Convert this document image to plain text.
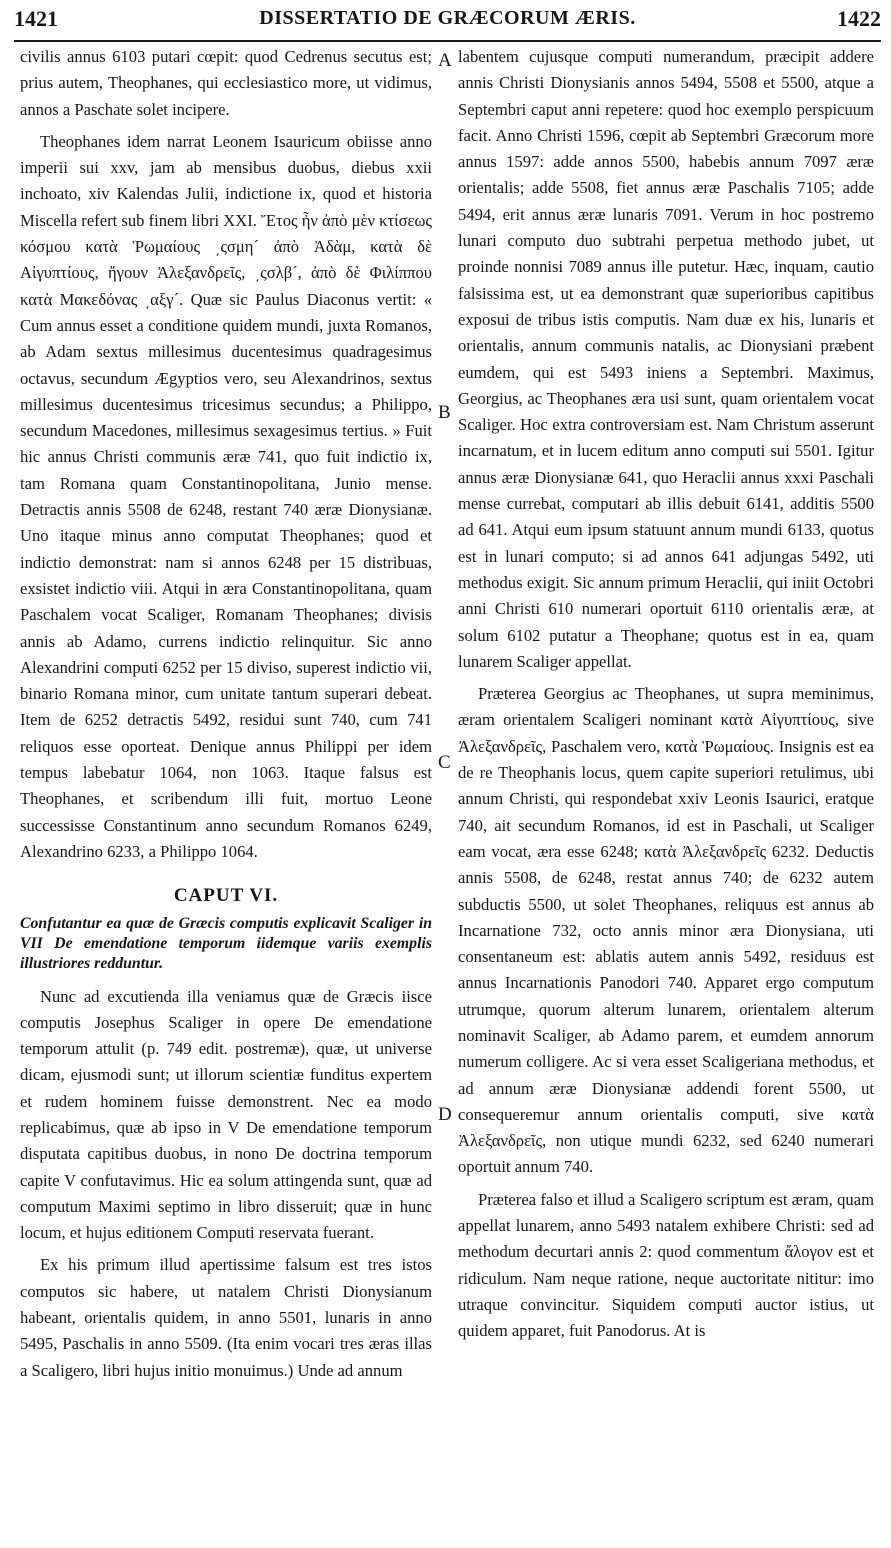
1421	DISSERTATIO DE GRÆCORUM ÆRIS.	1422

civilis annus 6103 putari cœpit: quod Cedrenus secutus est; prius autem, Theophanes, qui ecclesiastico more, ut vidimus, annos a Paschate solet incipere.

Theophanes idem narrat Leonem Isauricum obiisse anno imperii sui xxv, jam ab mensibus duobus, diebus xxii inchoato, xiv Kalendas Julii, indictione ix, quod et historia Miscella refert sub finem libri XXI. Ἔτος ἦν ἀπὸ μὲν κτίσεως κόσμου κατὰ Ῥωμαίους ͵ςσμη´ ἀπὸ Ἀδὰμ, κατὰ δὲ Αἰγυπτίους, ἤγουν Ἀλεξανδρεῖς, ͵ςσλβ´, ἀπὸ δὲ Φιλίππου κατὰ Μακεδόνας ͵αξγ´. Quæ sic Paulus Diaconus vertit: « Cum annus esset a conditione quidem mundi, juxta Romanos, ab Adam sextus millesimus ducentesimus quadragesimus octavus, secundum Ægyptios vero, seu Alexandrinos, sextus millesimus ducentesimus tricesimus secundus; a Philippo, secundum Macedones, millesimus sexagesimus tertius. » Fuit hic annus Christi communis æræ 741, quo fuit indictio ix, tam Romana quam Constantinopolitana, Junio mense. Detractis annis 5508 de 6248, restant 740 æræ Dionysianæ. Uno itaque minus anno computat Theophanes; quod et indictio demonstrat: nam si annos 6248 per 15 distribuas, exsistet indictio viii. Atqui in æra Constantinopolitana, quam Paschalem vocat Scaliger, Romanam Theophanes; divisis annis ab Adamo, currens indictio relinquitur. Sic anno Alexandrini computi 6252 per 15 diviso, superest indictio vii, binario Romana minor, cum unitate tantum superari debeat. Item de 6252 detractis 5492, residui sunt 740, cum 741 reliquos esse oporteat. Denique annus Philippi per idem tempus labebatur 1064, non 1063. Itaque falsus est Theophanes, et scribendum illi fuit, mortuo Leone successisse Constantinum anno secundum Romanos 6249, Alexandrino 6233, a Philippo 1064.

CAPUT VI.
Confutantur ea quæ de Græcis computis explicavit Scaliger in VII De emendatione temporum iidemque variis exemplis illustriores redduntur.

Nunc ad excutienda illa veniamus quæ de Græcis iisce computis Josephus Scaliger in opere De emendatione temporum attulit (p. 749 edit. postremæ), quæ, ut universe dicam, ejusmodi sunt; ut illorum scientiæ funditus expertem et rudem hominem fuisse demonstrent. Nec ea modo replicabimus, quæ ab ipso in V De emendatione temporum disputata capitibus duobus, in nono De doctrina temporum capite V confutavimus. Hic ea solum attingenda sunt, quæ ad computum Maximi septimo in libro disseruit; quæ in hunc locum, et hujus editionem Computi reservata fuerant.

Ex his primum illud apertissime falsum est tres istos computos sic habere, ut natalem Christi Dionysianum habeant, orientalis quidem, in anno 5501, lunaris in anno 5495, Paschalis in anno 5509. (Ita enim vocari tres æras illas a Scaligero, libri hujus initio monuimus.) Unde ad annum

A
B
C
D

labentem cujusque computi numerandum, præcipit addere annis Christi Dionysianis annos 5494, 5508 et 5500, atque a Septembri caput anni repetere: quod hoc exemplo perspicuum facit. Anno Christi 1596, cœpit ab Septembri Græcorum more annus 1597: adde annos 5500, habebis annum 7097 æræ orientalis; adde 5508, fiet annus æræ Paschalis 7105; adde 5494, erit annus æræ lunaris 7091. Verum in hoc postremo lunari computo duo subtrahi perpetua methodo jubet, ut proinde nonnisi 7089 annus ille putetur. Hæc, inquam, cautio falsissima est, ut ea demonstrant quæ superioribus capitibus exposui de tribus istis computis. Nam duæ ex his, lunaris et orientalis, annum communis natalis, ac Dionysiani præbent eumdem, qui est 5493 iniens a Septembri. Maximus, Georgius, ac Theophanes æra usi sunt, quam orientalem vocat Scaliger. Hoc extra controversiam est. Nam Christum asserunt incarnatum, et in lucem editum anno computi sui 5501. Igitur annus æræ Dionysianæ 641, quo Heraclii annus xxxi Paschali mense currebat, computari ab illis debuit 6141, additis 5500 ad 641. Atqui eum ipsum statuunt annum mundi 6133, quotus est in lunari computo; si ad annos 641 adjungas 5492, uti methodus exigit. Sic annum primum Heraclii, qui iniit Octobri anni Christi 610 numerari oportuit 6110 orientalis æræ, at solum 6102 putatur a Theophane; quotus est in ea, quam lunarem Scaliger appellat.

Præterea Georgius ac Theophanes, ut supra meminimus, æram orientalem Scaligeri nominant κατὰ Αἰγυπτίους, sive Ἀλεξανδρεῖς, Paschalem vero, κατὰ Ῥωμαίους. Insignis est ea de re Theophanis locus, quem capite superiori retulimus, ubi annum Christi, qui respondebat xxiv Leonis Isaurici, eratque 740, ait secundum Romanos, id est in Paschali, ut Scaliger eam vocat, æra esse 6248; κατὰ Ἀλεξανδρεῖς 6232. Deductis annis 5508, de 6248, restat annus 740; de 6232 autem subductis 5500, ut solet Theophanes, reliquus est annus ab Incarnatione 732, octo annis minor æra Dionysiana, uti consentaneum est: ablatis autem annis 5492, residuus est annus Incarnationis Panodori 740. Apparet ergo computum utrumque, quorum alterum lunarem, orientalem alterum nominavit Scaliger, ab Adamo parem, et eumdem annorum numerum colligere. Ac si vera esset Scaligeriana methodus, et ad annum æræ Dionysianæ addendi forent 5500, ut consequeremur annum orientalis computi, sive κατὰ Ἀλεξανδρεῖς, non utique mundi 6232, sed 6240 numerari oportuit annum 740.

Præterea falso et illud a Scaligero scriptum est æram, quam appellat lunarem, anno 5493 natalem exhibere Christi: sed ad methodum decurtari annis 2: quod commentum ἄλογον est et ridiculum. Nam neque ratione, neque auctoritate nititur: imo utraque convincitur. Siquidem computi auctor istius, ut quidem apparet, fuit Panodorus. At is
